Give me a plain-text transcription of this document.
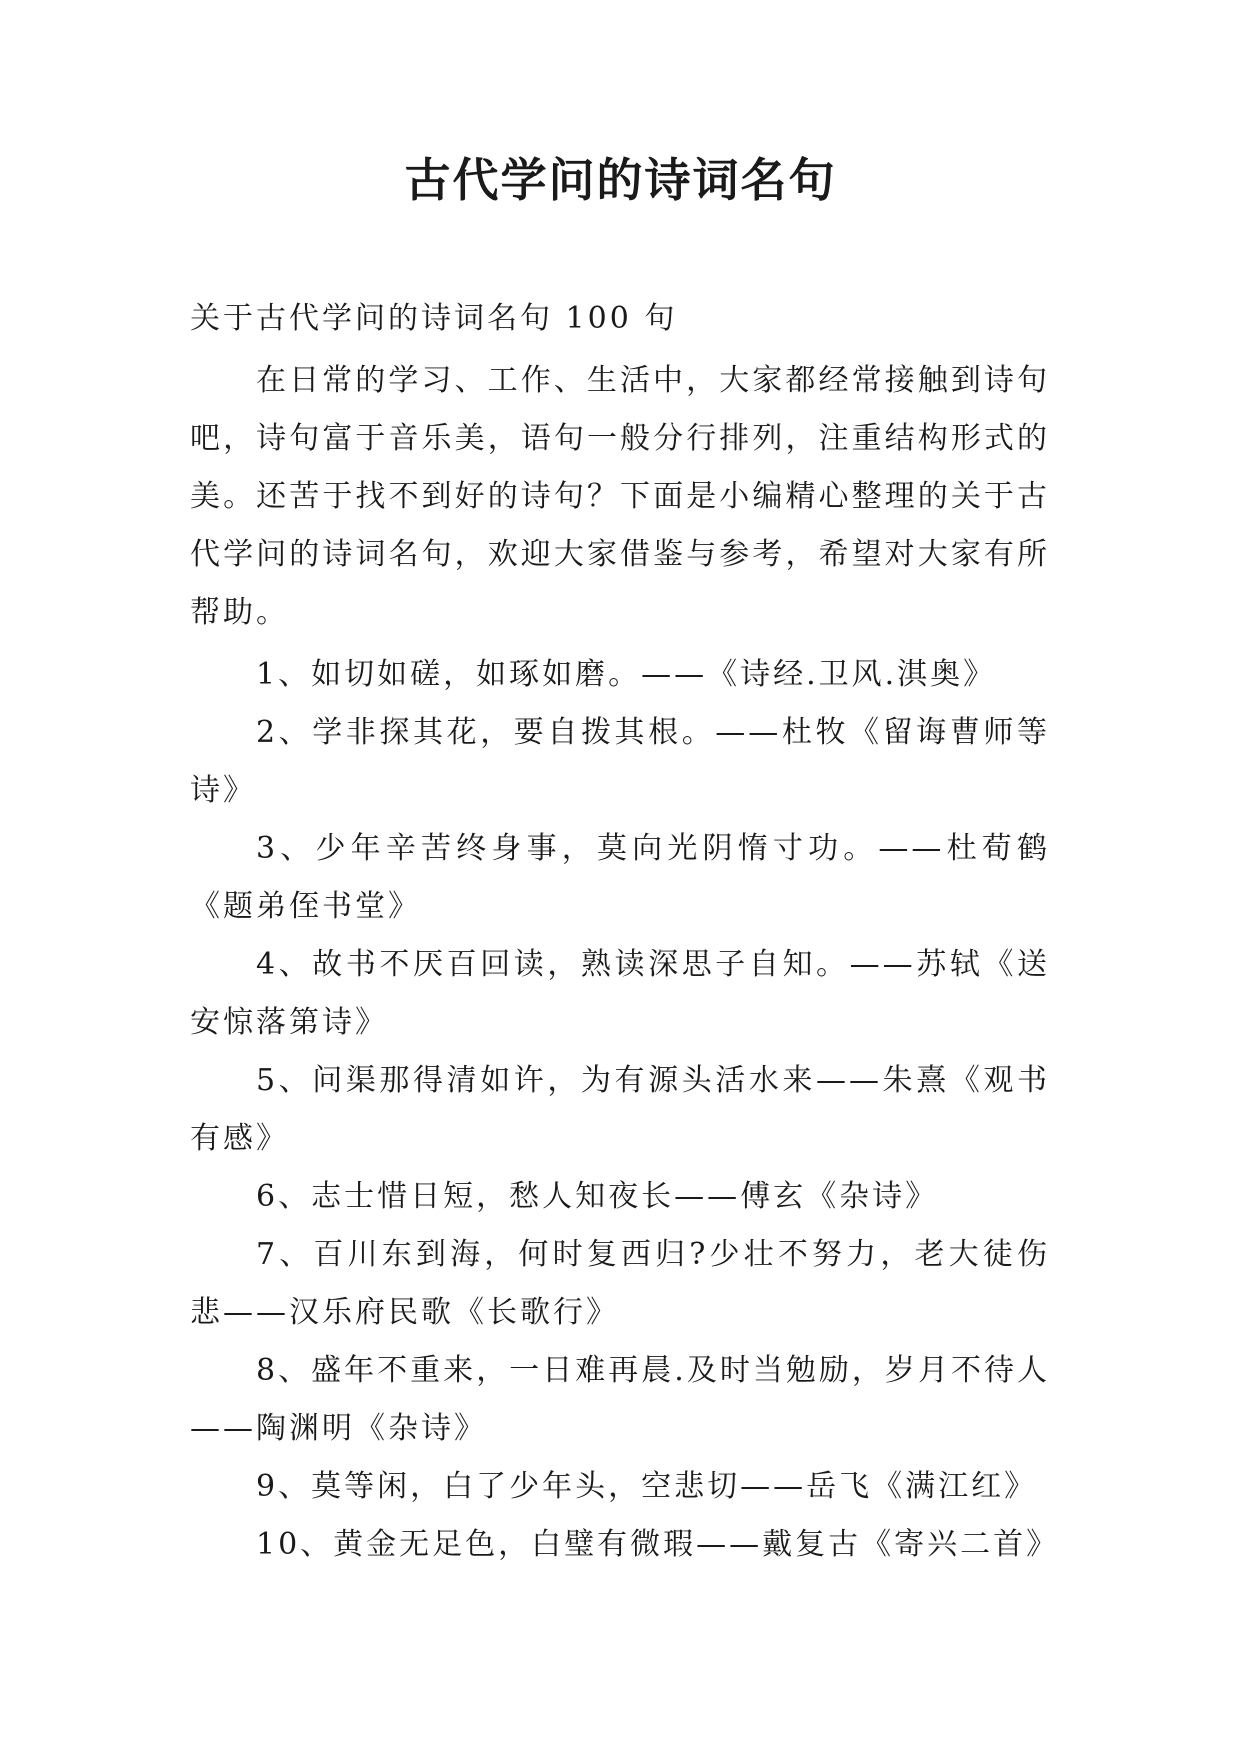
古代学问的诗词名句

关于古代学问的诗词名句 100 句

在日常的学习、工作、生活中，大家都经常接触到诗句吧，诗句富于音乐美，语句一般分行排列，注重结构形式的美。还苦于找不到好的诗句？下面是小编精心整理的关于古代学问的诗词名句，欢迎大家借鉴与参考，希望对大家有所帮助。

1、如切如磋，如琢如磨。——《诗经.卫风.淇奥》

2、学非探其花，要自拨其根。——杜牧《留诲曹师等诗》

3、少年辛苦终身事，莫向光阴惰寸功。——杜荀鹤《题弟侄书堂》

4、故书不厌百回读，熟读深思子自知。——苏轼《送安惊落第诗》

5、问渠那得清如许，为有源头活水来——朱熹《观书有感》

6、志士惜日短，愁人知夜长——傅玄《杂诗》

7、百川东到海，何时复西归?少壮不努力，老大徒伤悲——汉乐府民歌《长歌行》

8、盛年不重来，一日难再晨.及时当勉励，岁月不待人——陶渊明《杂诗》

9、莫等闲，白了少年头，空悲切——岳飞《满江红》

10、黄金无足色，白璧有微瑕——戴复古《寄兴二首》
